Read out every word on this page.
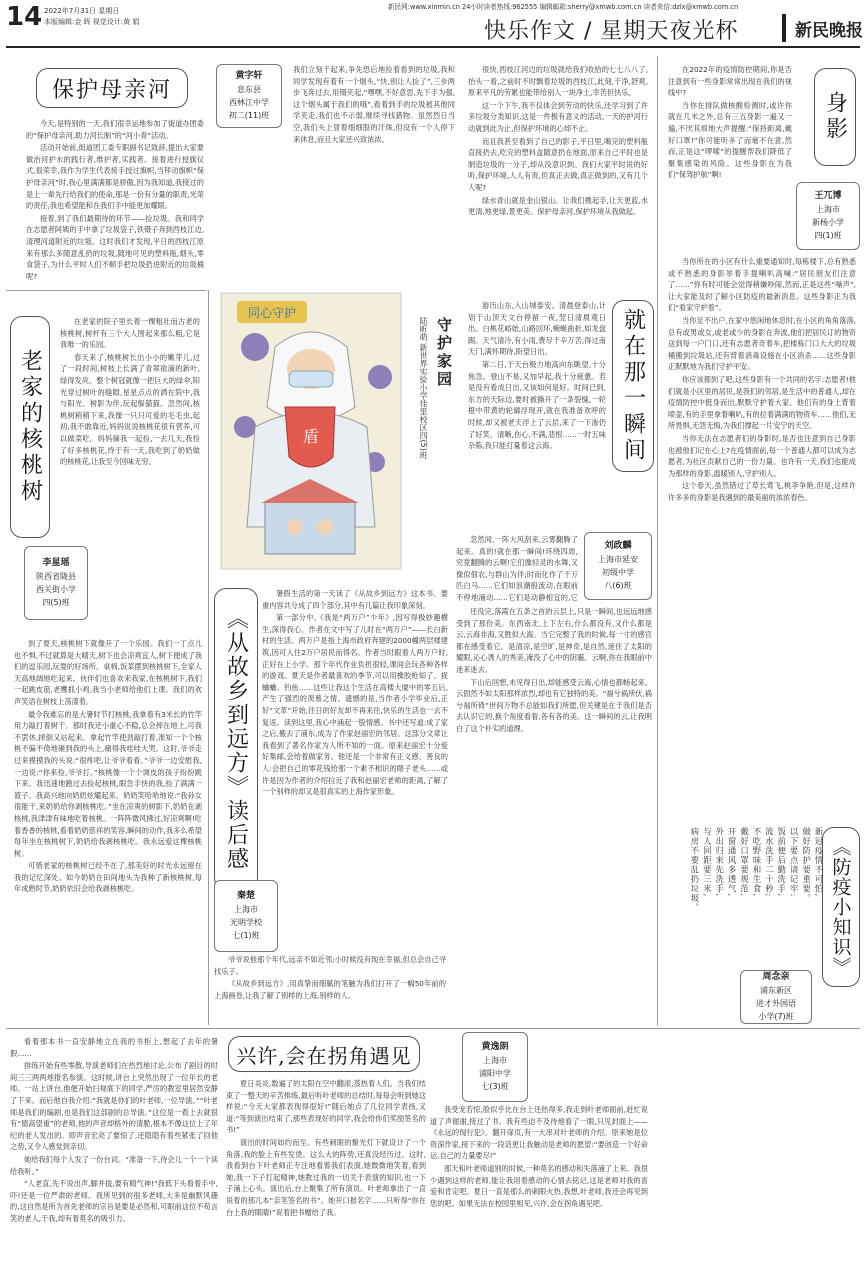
14 2022年7月31日 星期日
本版编辑:金 晖 视觉设计:黄 娟
新民网:www.xinmin.cn 24小时读者热线:962555 编辑邮箱:sherry@xmwb.com.cn 读者来信:dzlx@xmwb.com.cn
快乐作文 / 星期天夜光杯	新民晚报
保护母亲河
黄字轩
息东县
西林江中学
初二(11)班

今天,是特别的一天,我们很幸运地参加了街道办团委的“保护母亲河,助力河长制”的“河小青”活动。

活动开始前,街道团工委专职副书记致辞,提出大家要做治河护水的践行者,维护者,实践者。接着进行授旗仪式,很荣幸,我作为学生代表接手授过旗帜,当拜动旗帜“保护母亲河”时,我心里满满都是骄傲,因为我知道,我接过的是上一辈先行给我们的使命,那是一份有分量的职责,光荣的责任,我也希望能和在我们手中能更加耀眼。

接着,到了我们最期待的环节——捡垃圾。我和同学在志愿者阿姨的手中拿了垃圾袋子,铁镊子奔到西枝江边,清理河道附近的垃圾。这时我们才发现,平日的西枝江原来有那么多随意乱扔的垃圾,随地可见的塑料瓶,烟头,零食袋子,为什么平时人们不顺手把垃圾扔进附近的垃圾桶呢?

我们立刻干起来,争先恐后地捡着看到的垃圾,我和同学发现有着有一个烟头,“快,别让人捡了”,三步两步飞奔过去,用镊夹起,“嘿嘿,不好意思,先下手为强,这个烟头属于我们的哦”,看着到手的垃圾被其他同学夹走,我们也不示弱,继续寻找猎物。虽然烈日当空,我们头上冒着细细股的汗珠,但没有一个人停下来休息,而且大家还兴致浓浓。

很快,西枝江河边的垃圾就给我们收拾的七七八八了,抬头一看,之前时不时飘着垃圾的西枝江,此刻,干净,舒爽,原来平凡的劳累也能带给别人一块净土,幸苦但快乐。

这一个下午,我不仅体会到劳动的快乐,还学习到了许多垃圾分类知识,这是一件极有意义的活动,一天的护河行动就到此为止,但保护环境的心却不止。

而且我甚至看到了自己的影子,平日里,喝完的塑料瓶直接扔去,吃完的塑料盒随意扔在地面,原来自己平时也是制造垃圾的一分子,却从没意识到。我们大家平时说的好听,保护环境,人人有责,但真正去做,真正做到的,又有几个人呢?

绿水青山就是金山银山。让我们携起手,让天更蓝,水更清,地更绿,景更美。保护母亲河,保护环境从我做起。

老家的核桃树
李星瑶
陕西省陇县
西关街小学
四(5)班

在老家的院子里长着一棵粗壮而古老的核桃树,树杆有三个大人围起来那么粗,它是我唯一的乐园。

春天来了,核桃树长出小小的嫩芽儿,过了一段时间,树枝上长满了青翠欲滴的新叶,绿得发亮。整个树冠就像一把巨大的绿伞,阳光穿过树叶的缝隙,星星点点的洒在院中,我与阳光、树影为伴,玩起躲猫猫。忽然间,核桃树稍稍下来,我像一只只可爱的毛毛虫,起初,我不敢靠近,妈妈说说核桃花很有营养,可以做菜吃。妈妈摘我一起捡,一去几天,我捡了好多核桃花,终于有一天,我吃到了奶奶做的核桃花,让我至今回味无穷。

到了夏天,核桃树下就像开了一个乐园。我们一丁点儿也不惧,不过就算是大晴天,树下也会凉爽宜人,树下便成了我们的逗乐园,玩耍的好场所。桌椅,饭菜摆到核桃树下,全家人天高地阔地吃起来。伙伴们也喜欢来我家,在核桃树下,我们一起跳皮筋,老鹰抓小鸡,我当小老师给他们上课。我们的欢声笑语在树枝上荡漾着。

最令我难忘的是大暑时节打核桃,我拿着有3米长的竹竿用力敲打着树干。那时我还小重心不稳,总会摔在地上,可我不罢休,摔倒又站起来。拿起竹竿使劲敲打着,准知一个个核桃不偏不倚地砸到我的头上,痛得我哇哇大哭。这时,爷爷走过来摸摸我的头说:“很疼吧,让爷爷看看。”爷爷一边安慰我,一边说:“你来捡,爷爷打。”核桃像一个个调皮的孩子纷纷跳下来。我迅速地跑过去捡起核桃,眼急手快的我,捡了满满一篮子。我高兴地向奶奶炫耀起来。奶奶笑哈哈地说:“我孙女很能干,来奶奶给你剥核桃吃。”坐在凉爽的树影下,奶奶在剥核桃,我津津有味地吃着核桃。一阵阵微风拂过,好凉爽啊!吃着香香的核桃,看着奶奶慈祥的笑容,瞬间的动作,我多么希望每年坐在核桃树下,奶奶给我剥核桃吃。我永远爱这棵核桃树。

可惜老家的核桃树已经不在了,那美好的时光永远留在我的记忆深处。如今奶奶在田间地头为我种了新核桃树,每年成熟时节,奶奶依旧会给我剥核桃吃。

同心守护
盾	陆昕萌 新世界实验小学佳里校区四(5)班 守护家园
《从故乡到远方》读后感
秦楚
上海市
光明学校
七(1)班

暑假生活的第一天读了《从故乡到远方》这本书。要重内容共分成了四个部分,其中有几篇让我印象深刻。

第一部分中,《我是“两万户”少年》,因写得极妙趣横生,深得我心。作者在文中写了儿时在“两万户”——长白新村的生活。两万户是指上海市政府奔建的2000幢两层楼建筑,因可入住2万户居民而得名。作者当时跟着人两万户时,正好在上小学。那个年代作业负担很轻,课间会玩各种各样的游戏。夏天是作者最喜欢的季节,可以用橡胶枪知了、捉蛐蛐、钓鱼……这些让我这个生活在高楼大厦中的零五后,产生了强烈的羡慕之情。遗憾的是,当作者小学毕业后,正好“文革”开始,往日的好友却不再来往,快乐的生活也一去不复返。读到这里,我心中涌起一股情感。书中还写道:成了家之后,搬去了浦东,成为了作家赵丽宏的邻居。这部分文章让我看到了著名作家为人所不知的一面。原来赵丽宏十分爱好集邮,会给着做家务。他还是一个非常有正义感、善良的人:会把自己的零花钱给那一个素不相识的瞎子老头……或许是因为作者的介绍拉近了我和赵丽宏老师的距离,了解了一个别样的却又是很真实的上海作家形象。

爷爷说他那个年代,远亲不如近邻;小时候没有现在幸福,但总会自己寻找乐子。

《从故乡到远方》,用真挚而细腻的笔触为我们打开了一幅50年前的上海画卷,让我了解了别样的上海,别样的人。

就在那一瞬间
刘政麟
上海市延安
初级中学
八(6)班

游历山东,入山城泰安。清晨登泰山,计划于山顶天文台停留一夜,翌日清晨观日出。白桃花峪始,山路回环,蜿蜒曲折,如龙盘踞。天气清冷,有小雨,费尽千辛万苦,得过南天门,满怀期待,盼望日出。

第二日,于天台极力地高向东眺望,十分焦急。登山不易,又加早起,我十分疲惫。若是没有看成日出,又该如何是好。时间已到,东方的天际边,要时被撕开了一条裂缝,一轮橙中带黄的轮廓浮现开,就在我准备欢呼的时候,却又被老天浮上了云层,来了一下渗仍了好笑。清晰,伤心,不满,悲恨……一时五味杂陈,我只能打量着这云海。

忽然间,一阵大风刮来,云雾翻腾了起来。真的!就在那一瞬间!环绕四周,究竟翻腾的云啊!它们像轻灵的水舞,又像似佃农,与群山为伴;时而化作了千万匹白马……它们如浪潮般流动,在眼前不停地涌动……它们是动静相宜的,它

还没完,落霞在五条之首的云层上,只是一瞬间,也远远地感受到了那份美。东西南北,上下左右,什么都没有,又什么都是云,云海非海,又胜似大海。当它完整了我的时候,每一寸的感官都在感受着它。是清凉,是空旷,是神奇,是自然,迷住了太阳的耀眼,沁心诱人的秀美,淹没了心中的阴霾。云啊,你在我眼前中迷来迷去。

下山后回想,未见得日出,却能感受云海,心情也都畅起来。云固然不如太阳那样浓烈,却也有它独特的美。“福兮祸所伏,祸兮福所倚”世间万物不总能如我们所愿,但关键是在于我们是否去认识它的,换个角度看着,各有各的美。这一瞬间的云,让我明白了这个朴实的道理。

身影
王兀博
上海市
新杨小学
四(1)班

在2022年的疫情防控期间,你是否注意到有一些身影常常出现在我们的视线中?

当你在排队做核酸检测时,或许你就在几米之外,总有三五身影一遍又一遍,不厌其烦地大声提醒:“保持距离,戴好口罩!”你可能听多了而毫不在意,然而,正是这“啰嗦”的提醒帮我们降低了聚集感染的风险。这些身影在为我们“保驾护航”啊!

当你所在的小区有什么重要通知时,每栋楼下,总有熟悉或不熟悉的身影举着手提喇叭高喊:“居民朋友们注意了……”你有时可能会觉得稍嫌吵闹,然而,正是这些“噪声”,让大家能及时了解小区防疫的最新消息。这些身影正为我们“看家守护着”。

当你足不出户,在家中悠闲地休息时,在小区的角角落落,总有或男或女,或老或少的身影在奔波,他们把居民订的物资送到每一户门口,还有志愿者奇着车,把楼栋门口大大的垃圾桶搬到垃圾站,还有背着消毒设施在小区消杀……这些身影正默默地为我们守护平安。

你应该都到了吧,这些身影有一个共同的名字:志愿者!他们就是小区里的居民,是我们的邻居,是生活中的普通人,却在疫情防控中挺身而出,默默守护着大家。他们有的身上背着喷壶,有的手里拿着喇叭,有的拉着满满的物资车……他们,无所畏惧,无怨无悔,为我们撑起一片安宁的天空。

当你无法在志愿者们的身影时,是否也注意到自己身影也被他们记在心上?在疫情面前,每一个普通人都可以成为志愿者,为社区贡献自己的一份力量。也许有一天,我们也能成为那样的身影,温暖别人,守护别人。

这个春天,虽然错过了草长莺飞,桃李争艳,但是,这样许许多多的身影是我遇到的最美丽的浓浓春色。

《防疫小知识》
新冠疫情不可怕,
做好防护要重要。
以下要点请记牢:
饭前便后勤洗手,
流水洗手二十秒;
不吃野味和生食,
戴好口罩要规范,
开窗通风多透气,
外出归来先洗手,
与人同距要三米,
病房不要乱扔垃圾。
周念亲
浦东新区
进才外国语
小学(7)班
兴许,会在拐角遇见	黄逸朗
上海市
浦阳中学
七(3)班

看着那本书一直安静地立在我的书柜上,想起了去年的暑假……

排练开始有些零散,导演老师们在热烈地讨论,公布了剧目的时间三三两两地报名参演。这时候,讲台上突然出现了一位年长的老师。一站上讲台,他便开始扫视底下的同学,严厉的教室里居然安静了下来。而后他自我介绍:“我就是你们的叶老师,一位导演。”“叶老师是我们的编剧,也是我们这部剧的总导演。”这位是一看上去就很有“德高望重”的老师,他的声音却格外的清脆,根本不像这位上了年纪的老人发出的。即声音宏亮了要惊了,还隐隐有着些紧张了回他之势,又令人感觉到亲切。

她给我们每个人发了一份台词。“准备一下,待会儿一个一个读给我听。”

“人老直,先不说出声,脚并拢,要有精气神!”我低下头看着手中,吓!还是一位严肃的老师。我所见到的很多老师,大多是幽默风趣的,这自然是所为首先老师的宗旨是要是必然和,可眼前这位不苟言笑的老人,于我,却有着莫名的吸引力。

夏日炎炎,数遍了的太阳在空中翻滚,蒸热着人们。当我们结束了一整天的辛苦排练,最后听叶老师的总结时,每每会听到她这样说:“今天大家都表现得很好!”随后她点了几位同学表扬,又道:“等到演出结束了,那些表现好的同学,我会给你们奖励签名的书!”

演出的时间如约而至。有些刺眼的聚光灯下就设计了一个角落,我的脸上有些发烫。这么大的阵势,还真没经历过。这时,我看到台下叶老师正专注地看着我们表演,她微微地笑着,看到她,我一下子打起精神,她教过我的一切关于表演的知识,也一下子涌上心头。演出后,台上聚集了所有演员。叶老师拿出了一直说着的那几本“亲笔签名的书”。她开口报名字……只听得“你在台上我的眼睛!”说着把书赠给了我。

我受宠若惊,脸似乎比在台上还热得多,我走到叶老师面前,赶忙说道了声谢谢,接过了书。我有些迫不及待地看了一眼,只见封面上——《永远的现行犯》。翻开扉页,有一大串对叶老师的介绍。原来她是位资深作家,接下来的一段话更让我触动是老师的愿望:“要创造一个好命运,自己的力量要尽!”

那天和叶老师道别的时候,一种莫名的感动和失落涌了上来。我很少遇到这样的老师,能让我用着感动的心情去铭记,这是老师对我的喜爱和肯定吧。夏日一直是那么的刺眼火热,我想,叶老师,我还会再见到您的吧。如果无法在校园里相见,兴许,会在拐角遇见吧。
